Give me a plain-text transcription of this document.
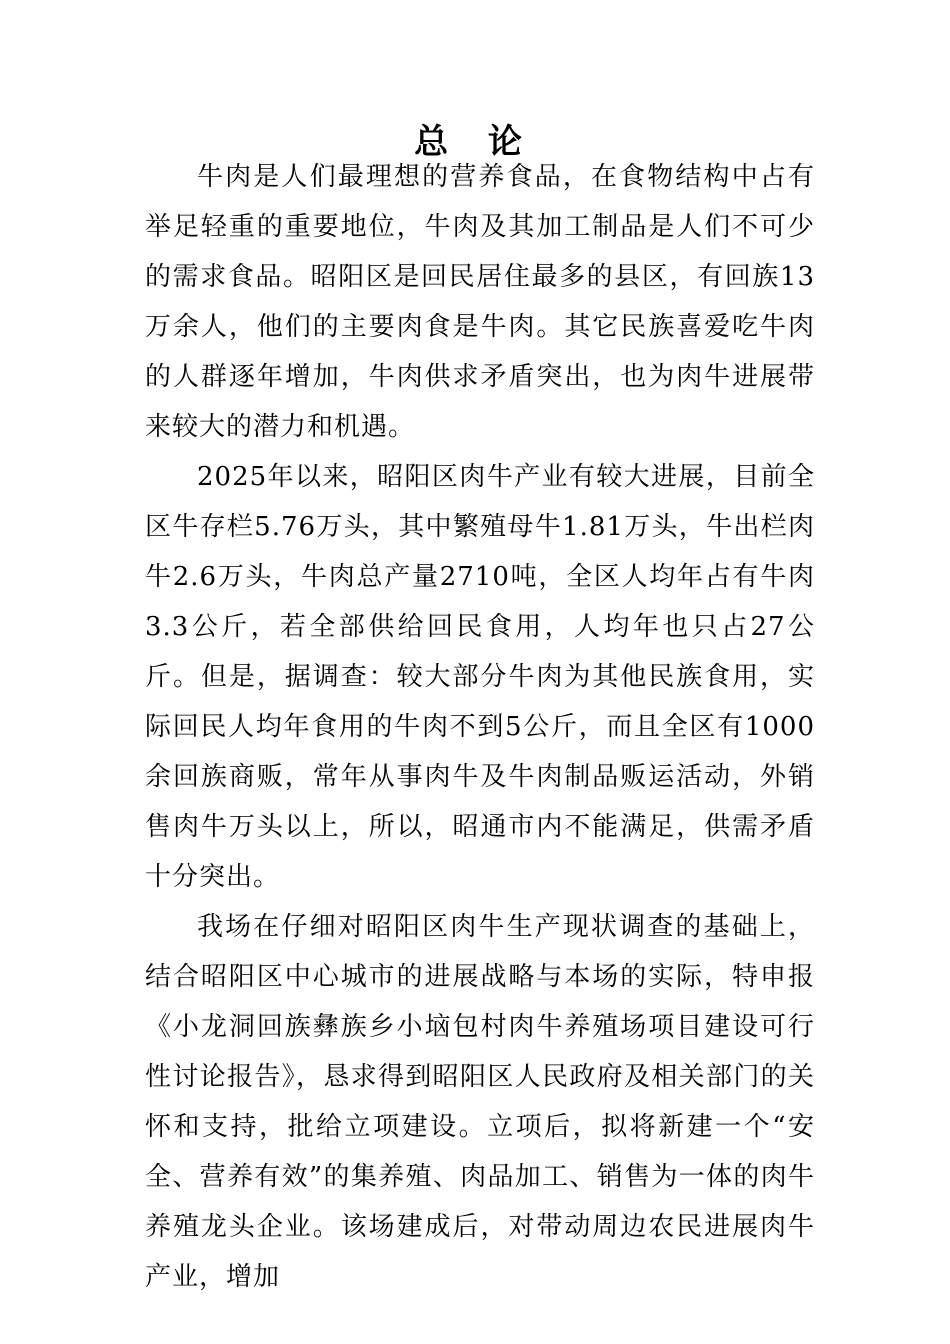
总 论

牛肉是人们最理想的营养食品，在食物结构中占有举足轻重的重要地位，牛肉及其加工制品是人们不可少的需求食品。昭阳区是回民居住最多的县区，有回族13万余人，他们的主要肉食是牛肉。其它民族喜爱吃牛肉的人群逐年增加，牛肉供求矛盾突出，也为肉牛进展带来较大的潜力和机遇。

2025年以来，昭阳区肉牛产业有较大进展，目前全区牛存栏5.76万头，其中繁殖母牛1.81万头，牛出栏肉牛2.6万头，牛肉总产量2710吨，全区人均年占有牛肉3.3公斤，若全部供给回民食用，人均年也只占27公斤。但是，据调查：较大部分牛肉为其他民族食用，实际回民人均年食用的牛肉不到5公斤，而且全区有1000余回族商贩，常年从事肉牛及牛肉制品贩运活动，外销售肉牛万头以上，所以，昭通市内不能满足，供需矛盾十分突出。

我场在仔细对昭阳区肉牛生产现状调查的基础上，结合昭阳区中心城市的进展战略与本场的实际，特申报《小龙洞回族彝族乡小垴包村肉牛养殖场项目建设可行性讨论报告》，恳求得到昭阳区人民政府及相关部门的关怀和支持，批给立项建设。立项后，拟将新建一个“安全、营养有效”的集养殖、肉品加工、销售为一体的肉牛养殖龙头企业。该场建成后，对带动周边农民进展肉牛产业，增加
